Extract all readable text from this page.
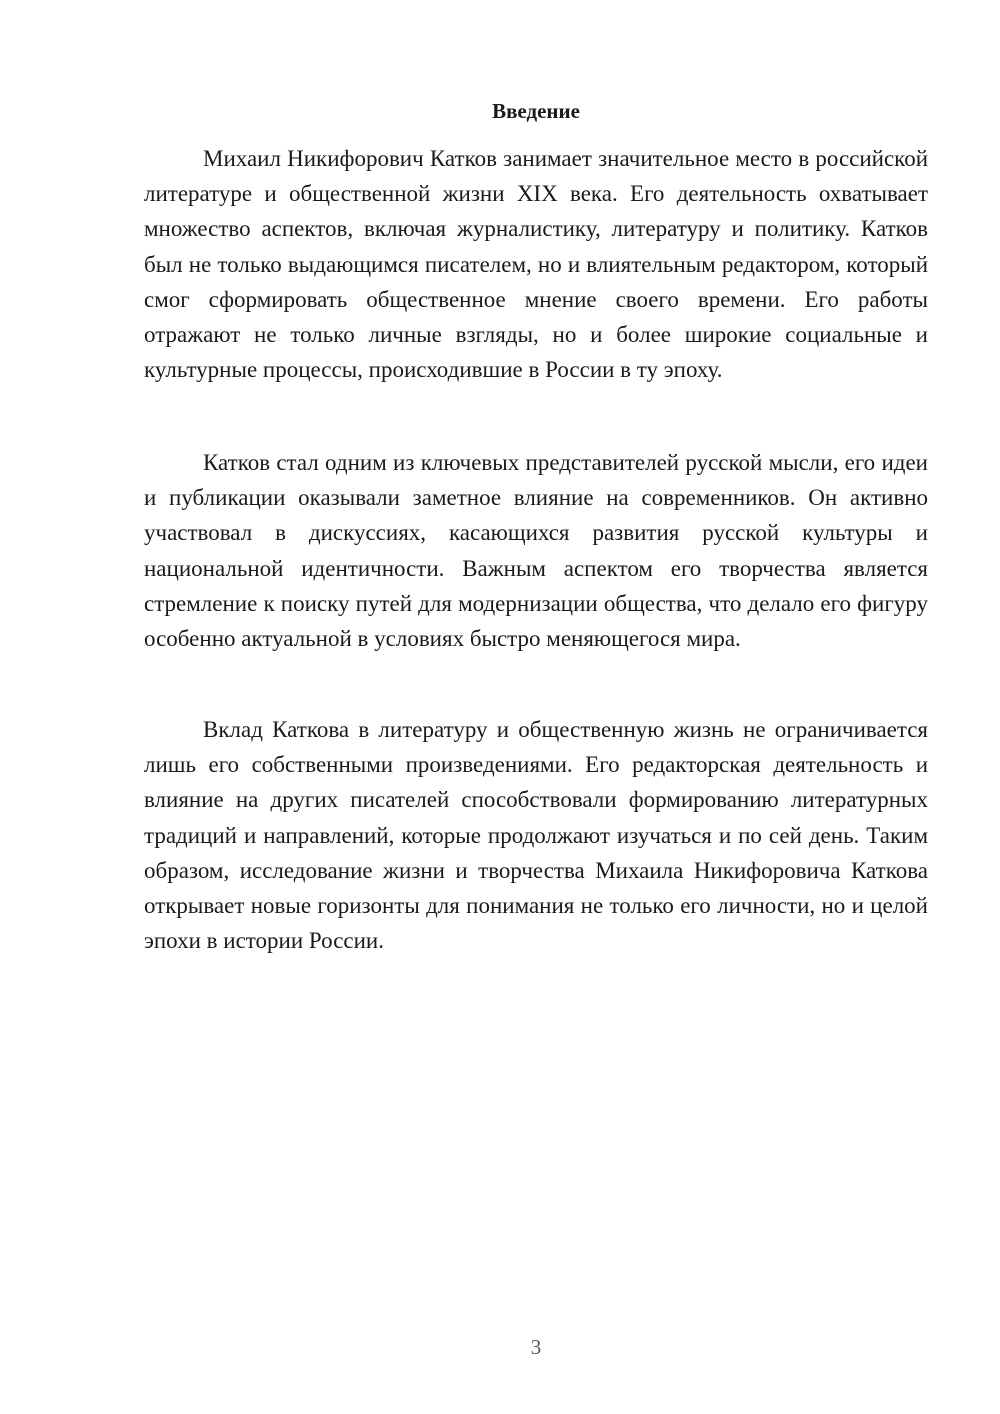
Введение

Михаил Никифорович Катков занимает значительное место в российской литературе и общественной жизни XIX века. Его деятельность охватывает множество аспектов, включая журналистику, литературу и политику. Катков был не только выдающимся писателем, но и влиятельным редактором, который смог сформировать общественное мнение своего времени. Его работы отражают не только личные взгляды, но и более широкие социальные и культурные процессы, происходившие в России в ту эпоху.

Катков стал одним из ключевых представителей русской мысли, его идеи и публикации оказывали заметное влияние на современников. Он активно участвовал в дискуссиях, касающихся развития русской культуры и национальной идентичности. Важным аспектом его творчества является стремление к поиску путей для модернизации общества, что делало его фигуру особенно актуальной в условиях быстро меняющегося мира.

Вклад Каткова в литературу и общественную жизнь не ограничивается лишь его собственными произведениями. Его редакторская деятельность и влияние на других писателей способствовали формированию литературных традиций и направлений, которые продолжают изучаться и по сей день. Таким образом, исследование жизни и творчества Михаила Никифоровича Каткова открывает новые горизонты для понимания не только его личности, но и целой эпохи в истории России.

3
